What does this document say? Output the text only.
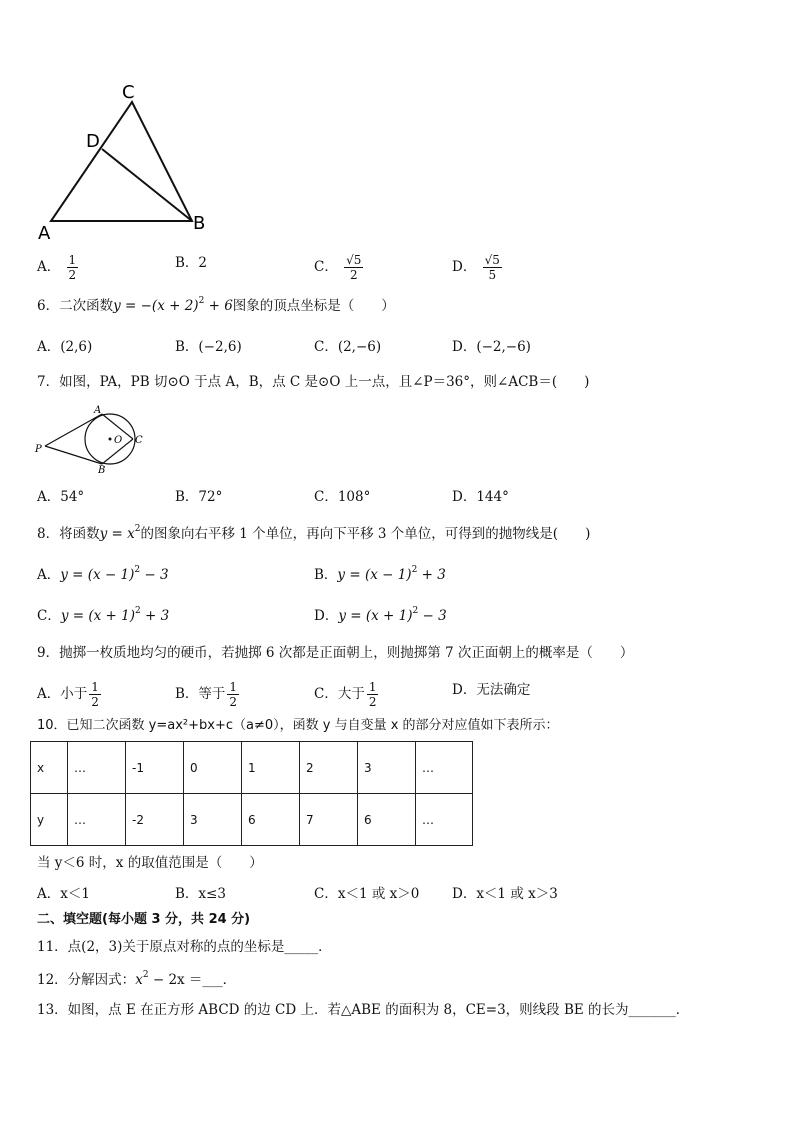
C
D
A	B
A． $\frac{1}{2}$	B．2	C． $\frac{√5}{2}$	D． $\frac{√5}{5}$
6．二次函数$y = -(x + 2)^2 + 6$图象的顶点坐标是（　　）
A．(2,6)	B．(−2,6)	C．(2,−6)	D．(−2,−6)
7．如图，PA，PB 切⊙O 于点 A，B，点 C 是⊙O 上一点，且∠P＝36°，则∠ACB＝(　　)
A
O C
P
B
A．54°	B．72°	C．108°	D．144°
8．将函数$y = x^2$的图象向右平移 1 个单位，再向下平移 3 个单位，可得到的抛物线是(　　)
A．$y = (x - 1)^2 - 3$	B．$y = (x - 1)^2 + 3$
C．$y = (x + 1)^2 + 3$	D．$y = (x + 1)^2 - 3$
9．抛掷一枚质地均匀的硬币，若抛掷 6 次都是正面朝上，则抛掷第 7 次正面朝上的概率是（　　）
A．小于 $\frac{1}{2}$	B．等于 $\frac{1}{2}$	C．大于 $\frac{1}{2}$	D．无法确定
10．已知二次函数 y=ax²+bx+c（a≠0），函数 y 与自变量 x 的部分对应值如下表所示：
x	…	-1	0	1	2	3	…
y	…	-2	3	6	7	6	…
当 y＜6 时，x 的取值范围是（　　）
A．x＜1	B．x≤3	C．x＜1 或 x＞0 D．x＜1 或 x＞3
二、填空题(每小题 3 分，共 24 分)
11．点(2，3)关于原点对称的点的坐标是_____．
12．分解因式：$x^2 - 2x$ ＝___．
13．如图，点 E 在正方形 ABCD 的边 CD 上．若△ABE 的面积为 8，CE=3，则线段 BE 的长为_______．
